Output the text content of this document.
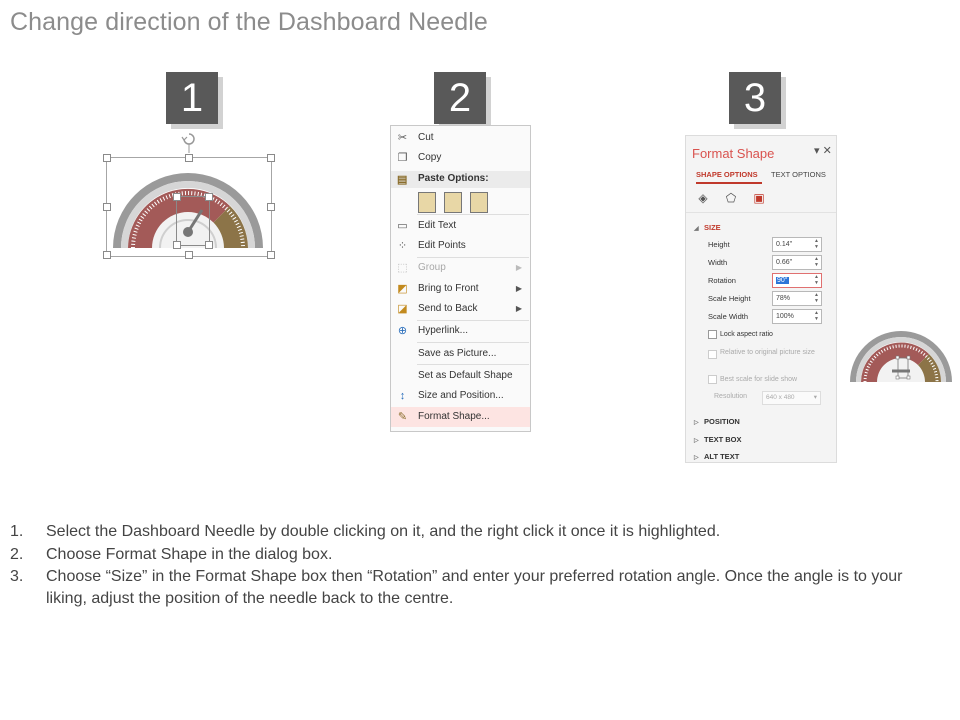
Change direction of the Dashboard Needle
1	2	3
✂ Cut
❐ Copy
▤ Paste Options:
▭ Edit Text
⁘ Edit Points
⬚ Group	▶
◩ Bring to Front	▶
◪ Send to Back	▶
⊕ Hyperlink...
Save as Picture...
Set as Default Shape
↕	Size and Position...
✎ Format Shape...
Format Shape	▾ ✕
SHAPE OPTIONS TEXT OPTIONS
◈ ⬠ ▣
◢ SIZE
Height	0.14"	▲
▼
Width	0.66"	▲
▼
Rotation	90°	▲
▼
Scale Height	78%	▲
▼
Scale Width	100%	▲
▼
Lock aspect ratio
Relative to original picture size
Best scale for slide show
Resolution	640 x 480	▾
▷ POSITION
▷ TEXT BOX
▷ ALT TEXT
1.	Select the Dashboard Needle by double clicking on it, and the right click it once it is highlighted.
2.	Choose Format Shape in the dialog box.
3.	Choose “Size” in the Format Shape box then “Rotation” and enter your preferred rotation angle. Once the angle is to your liking, adjust the position of the needle back to the centre.
